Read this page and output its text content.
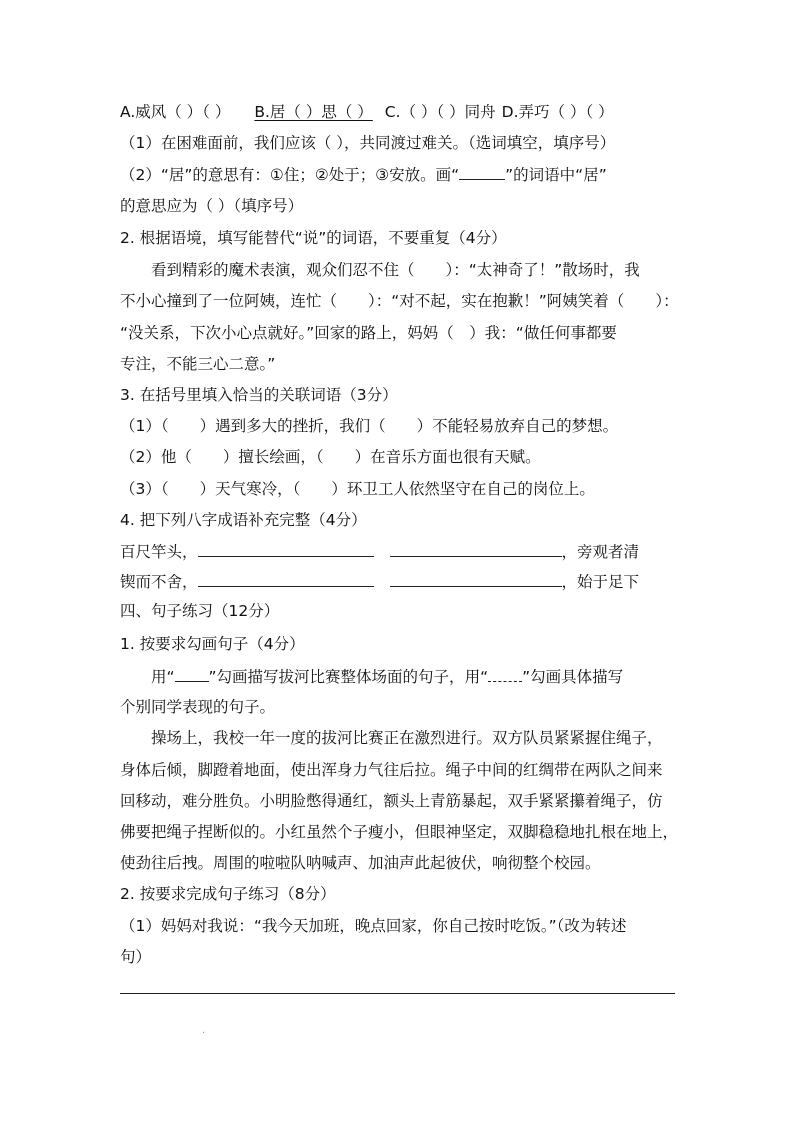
A.威风（ ）（ ） B.居（ ）思（ ） C.（ ）（ ）同舟 D.弄巧（ ）（ ）
（1）在困难面前，我们应该（ ），共同渡过难关。（选词填空，填序号）
（2）“居”的意思有：①住；②处于；③安放。画“	”的词语中“居”
的意思应为（ ）（填序号）
2. 根据语境，填写能替代“说”的词语，不要重复（4分）
看到精彩的魔术表演，观众们忍不住（　　）：“太神奇了！”散场时，我
不小心撞到了一位阿姨，连忙（　　）：“对不起，实在抱歉！”阿姨笑着（　　）：
“没关系，下次小心点就好。”回家的路上，妈妈（　）我：“做任何事都要
专注，不能三心二意。”
3. 在括号里填入恰当的关联词语（3分）
（1）（　　）遇到多大的挫折，我们（　　）不能轻易放弃自己的梦想。
（2）他（　　）擅长绘画，（　　）在音乐方面也很有天赋。
（3）（　　）天气寒冷，（　　）环卫工人依然坚守在自己的岗位上。
4. 把下列八字成语补充完整（4分）
百尺竿头，	，旁观者清
锲而不舍，	，始于足下
四、句子练习（12分）
1. 按要求勾画句子（4分）
用“ ”勾画描写拔河比赛整体场面的句子，用“ ”勾画具体描写
个别同学表现的句子。
操场上，我校一年一度的拔河比赛正在激烈进行。双方队员紧紧握住绳子，
身体后倾，脚蹬着地面，使出浑身力气往后拉。绳子中间的红绸带在两队之间来
回移动，难分胜负。小明脸憋得通红，额头上青筋暴起，双手紧紧攥着绳子，仿
佛要把绳子捏断似的。小红虽然个子瘦小，但眼神坚定，双脚稳稳地扎根在地上，
使劲往后拽。周围的啦啦队呐喊声、加油声此起彼伏，响彻整个校园。
2. 按要求完成句子练习（8分）
（1）妈妈对我说：“我今天加班，晚点回家，你自己按时吃饭。”（改为转述
句）
.
